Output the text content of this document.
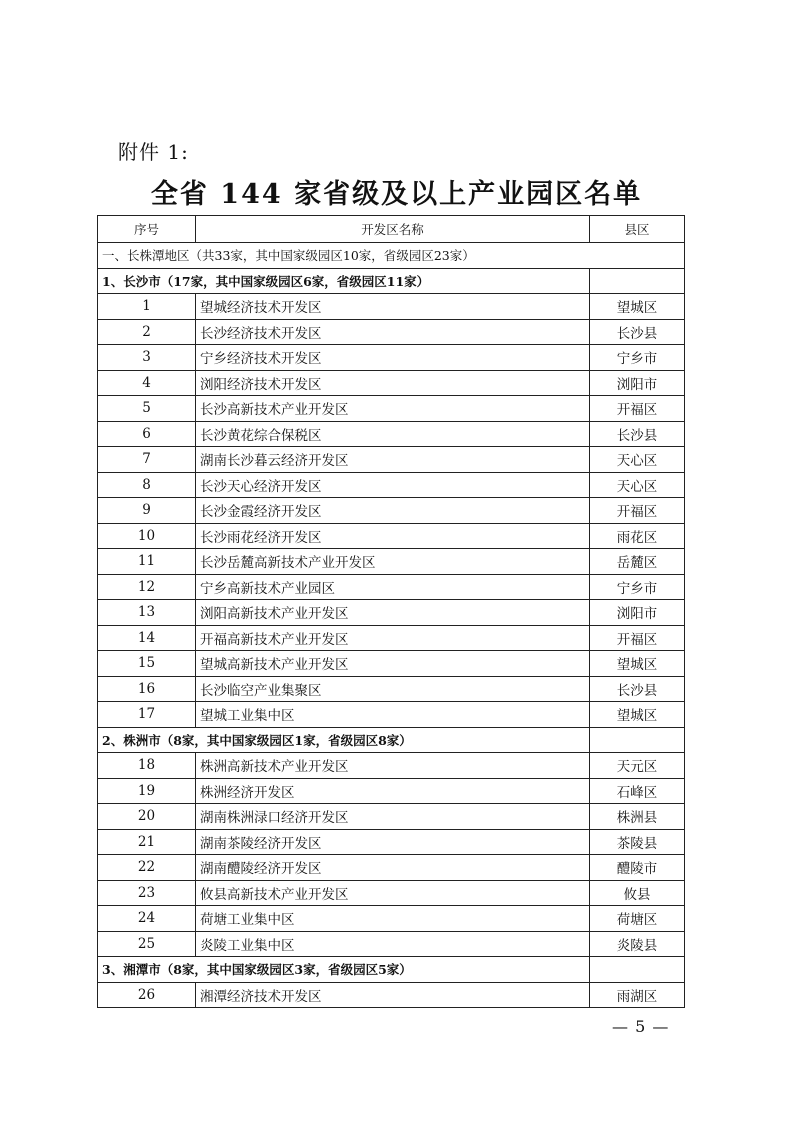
附件 1:
全省 144 家省级及以上产业园区名单
序号	开发区名称	县区
一、长株潭地区（共33家，其中国家级园区10家，省级园区23家）		
1、长沙市（17家，其中国家级园区6家，省级园区11家）		
1	望城经济技术开发区	望城区
2	长沙经济技术开发区	长沙县
3	宁乡经济技术开发区	宁乡市
4	浏阳经济技术开发区	浏阳市
5	长沙高新技术产业开发区	开福区
6	长沙黄花综合保税区	长沙县
7	湖南长沙暮云经济开发区	天心区
8	长沙天心经济开发区	天心区
9	长沙金霞经济开发区	开福区
10	长沙雨花经济开发区	雨花区
11	长沙岳麓高新技术产业开发区	岳麓区
12	宁乡高新技术产业园区	宁乡市
13	浏阳高新技术产业开发区	浏阳市
14	开福高新技术产业开发区	开福区
15	望城高新技术产业开发区	望城区
16	长沙临空产业集聚区	长沙县
17	望城工业集中区	望城区
2、株洲市（8家，其中国家级园区1家，省级园区8家）		
18	株洲高新技术产业开发区	天元区
19	株洲经济开发区	石峰区
20	湖南株洲渌口经济开发区	株洲县
21	湖南茶陵经济开发区	茶陵县
22	湖南醴陵经济开发区	醴陵市
23	攸县高新技术产业开发区	攸县
24	荷塘工业集中区	荷塘区
25	炎陵工业集中区	炎陵县
3、湘潭市（8家，其中国家级园区3家，省级园区5家）		
26	湘潭经济技术开发区	雨湖区
— 5 —
